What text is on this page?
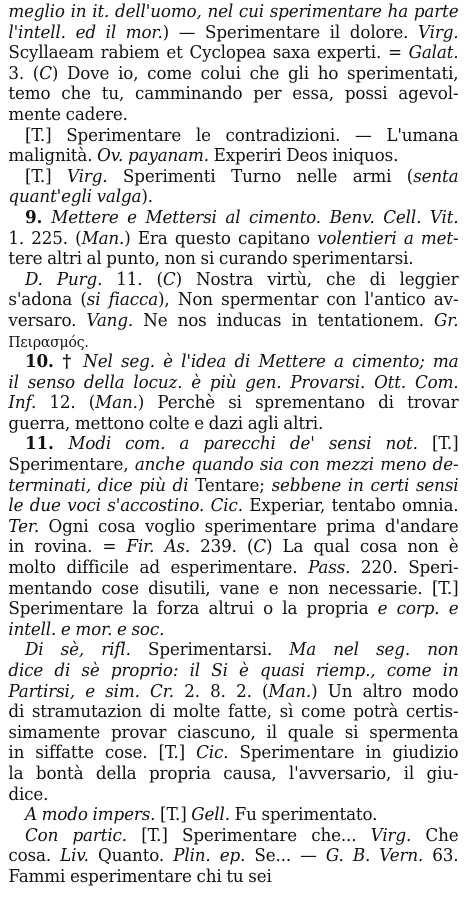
meglio in it. dell'uomo, nel cui sperimentare ha parte
l'intell. ed il mor.) — Sperimentare il dolore. Virg.
Scyllaeam rabiem et Cyclopea saxa experti. = Galat.
3. (C) Dove io, come colui che gli ho sperimentati,
temo che tu, camminando per essa, possi agevol-
mente cadere.
 [T.] Sperimentare le contradizioni. — L'umana
malignità. Ov. payanam. Experiri Deos iniquos.
 [T.] Virg. Sperimenti Turno nelle armi (senta
quant'egli valga).
 9. Mettere e Mettersi al cimento. Benv. Cell. Vit.
1. 225. (Man.) Era questo capitano volentieri a met-
tere altri al punto, non si curando sperimentarsi.
 D. Purg. 11. (C) Nostra virtù, che di leggier
s'adona (si fiacca), Non spermentar con l'antico av-
versaro. Vang. Ne nos inducas in tentationem. Gr.
Πειρασμός.
 10. † Nel seg. è l'idea di Mettere a cimento; ma
il senso della locuz. è più gen. Provarsi. Ott. Com.
Inf. 12. (Man.) Perchè si sprementano di trovar
guerra, mettono colte e dazi agli altri.
 11. Modi com. a parecchi de' sensi not. [T.]
Sperimentare, anche quando sia con mezzi meno de-
terminati, dice più di Tentare; sebbene in certi sensi
le due voci s'accostino. Cic. Experiar, tentabo omnia.
Ter. Ogni cosa voglio sperimentare prima d'andare
in rovina. = Fir. As. 239. (C) La qual cosa non è
molto difficile ad esperimentare. Pass. 220. Speri-
mentando cose disutili, vane e non necessarie. [T.]
Sperimentare la forza altrui o la propria e corp. e
intell. e mor. e soc.
 Di sè, rifl. Sperimentarsi. Ma nel seg. non
dice di sè proprio: il Si è quasi riemp., come in
Partirsi, e sim. Cr. 2. 8. 2. (Man.) Un altro modo
di stramutazion di molte fatte, sì come potrà certis-
simamente provar ciascuno, il quale si spermenta
in siffatte cose. [T.] Cic. Sperimentare in giudizio
la bontà della propria causa, l'avversario, il giu-
dice.
 A modo impers. [T.] Gell. Fu sperimentato.
 Con partic. [T.] Sperimentare che... Virg. Che
cosa. Liv. Quanto. Plin. ep. Se... — G. B. Vern. 63.
Fammi esperimentare chi tu sei
